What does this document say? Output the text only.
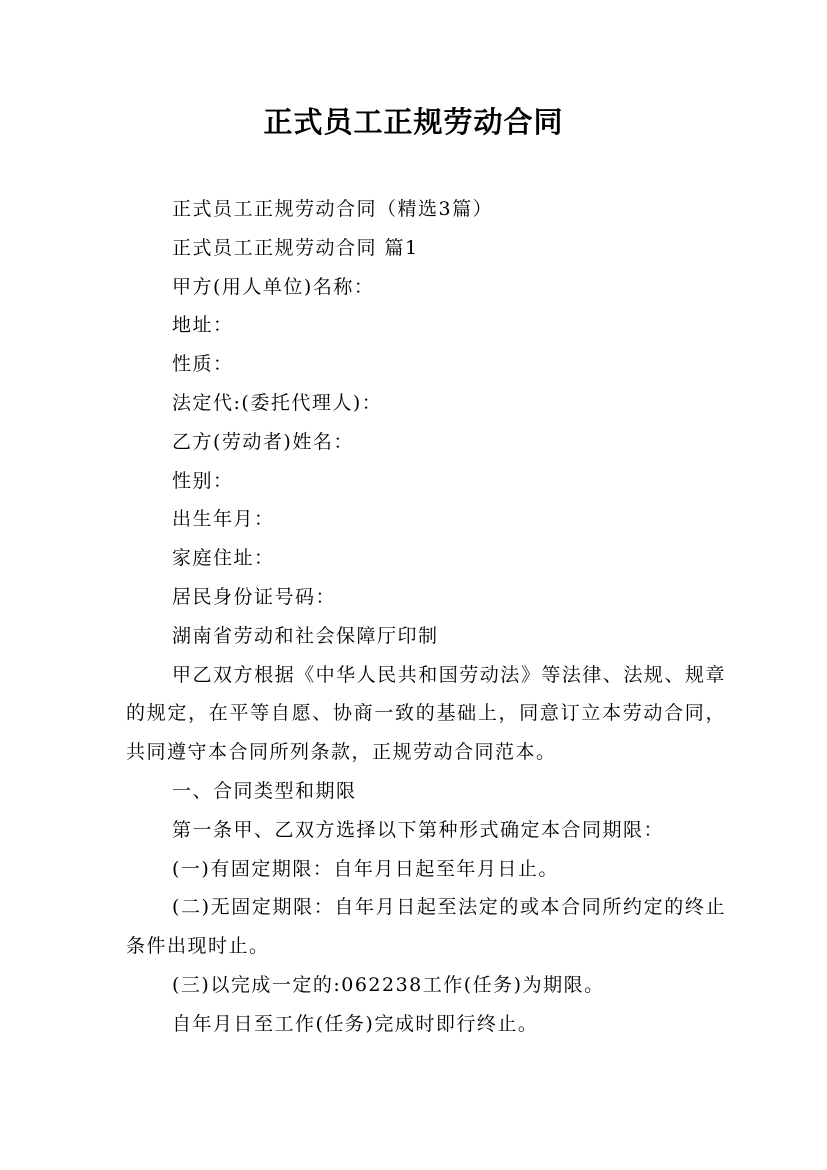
正式员工正规劳动合同

正式员工正规劳动合同（精选3篇）

正式员工正规劳动合同 篇1

甲方(用人单位)名称：

地址：

性质：

法定代:(委托代理人)：

乙方(劳动者)姓名：

性别：

出生年月：

家庭住址：

居民身份证号码：

湖南省劳动和社会保障厅印制

甲乙双方根据《中华人民共和国劳动法》等法律、法规、规章的规定，在平等自愿、协商一致的基础上，同意订立本劳动合同，共同遵守本合同所列条款，正规劳动合同范本。

一、合同类型和期限

第一条甲、乙双方选择以下第种形式确定本合同期限：

(一)有固定期限：自年月日起至年月日止。

(二)无固定期限：自年月日起至法定的或本合同所约定的终止条件出现时止。

(三)以完成一定的:062238工作(任务)为期限。

自年月日至工作(任务)完成时即行终止。
